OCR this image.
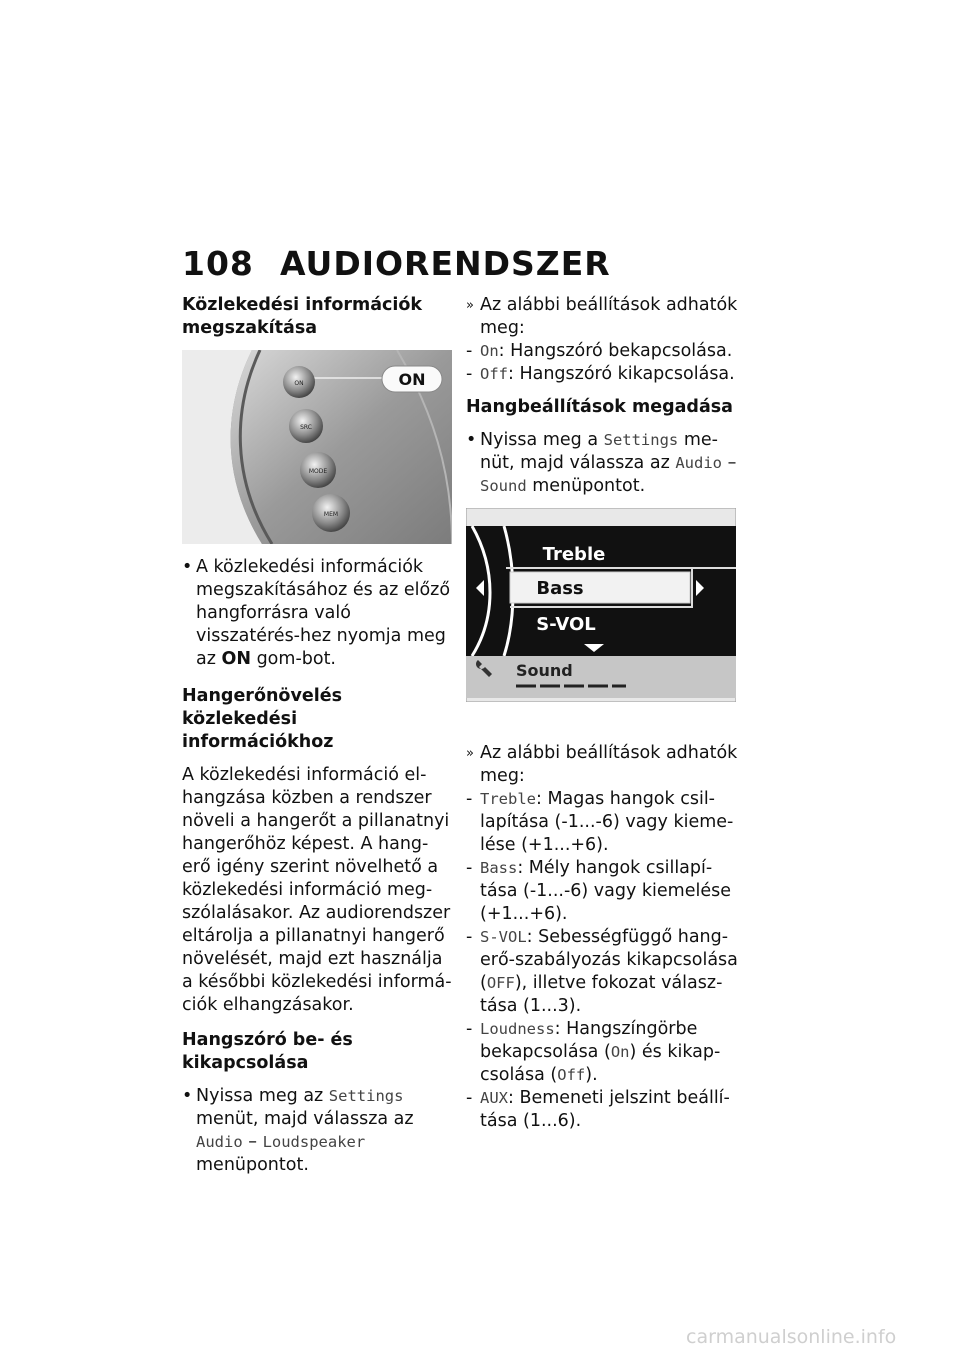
108 AUDIORENDSZER
Közlekedési információk megszakítása
ON
ON
SRC
MODE
MEM

• A közlekedési információk megszakításához és az előző hangforrásra való visszatérés-hez nyomja meg az ON gom-bot.

Hangerőnövelés közlekedési információkhoz

A közlekedési információ el-hangzása közben a rendszer növeli a hangerőt a pillanatnyi hangerőhöz képest. A hang-erő igény szerint növelhető a közlekedési információ meg-szólalásakor. Az audiorendszer eltárolja a pillanatnyi hangerő növelését, majd ezt használja a későbbi közlekedési informá-ciók elhangzásakor.

Hangszóró be- és kikapcsolása

• Nyissa meg az Settings menüt, majd válassza az Audio – Loudspeaker menüpontot.

» Az alábbi beállítások adhatók meg:

- On: Hangszóró bekapcsolása.

- Off: Hangszóró kikapcsolása.

Hangbeállítások megadása

• Nyissa meg a Settings me-nüt, majd válassza az Audio – Sound menüpontot.

Treble
Bass
S-VOL
Sound

» Az alábbi beállítások adhatók meg:

- Treble: Magas hangok csil-lapítása (-1...-6) vagy kieme-lése (+1...+6).

- Bass: Mély hangok csillapí-tása (-1...-6) vagy kiemelése (+1...+6).

- S-VOL: Sebességfüggő hang-erő-szabályozás kikapcsolása (OFF), illetve fokozat válasz-tása (1...3).

- Loudness: Hangszíngörbe bekapcsolása (On) és kikap-csolása (Off).

- AUX: Bemeneti jelszint beállí-tása (1...6).

carmanualsonline.info
